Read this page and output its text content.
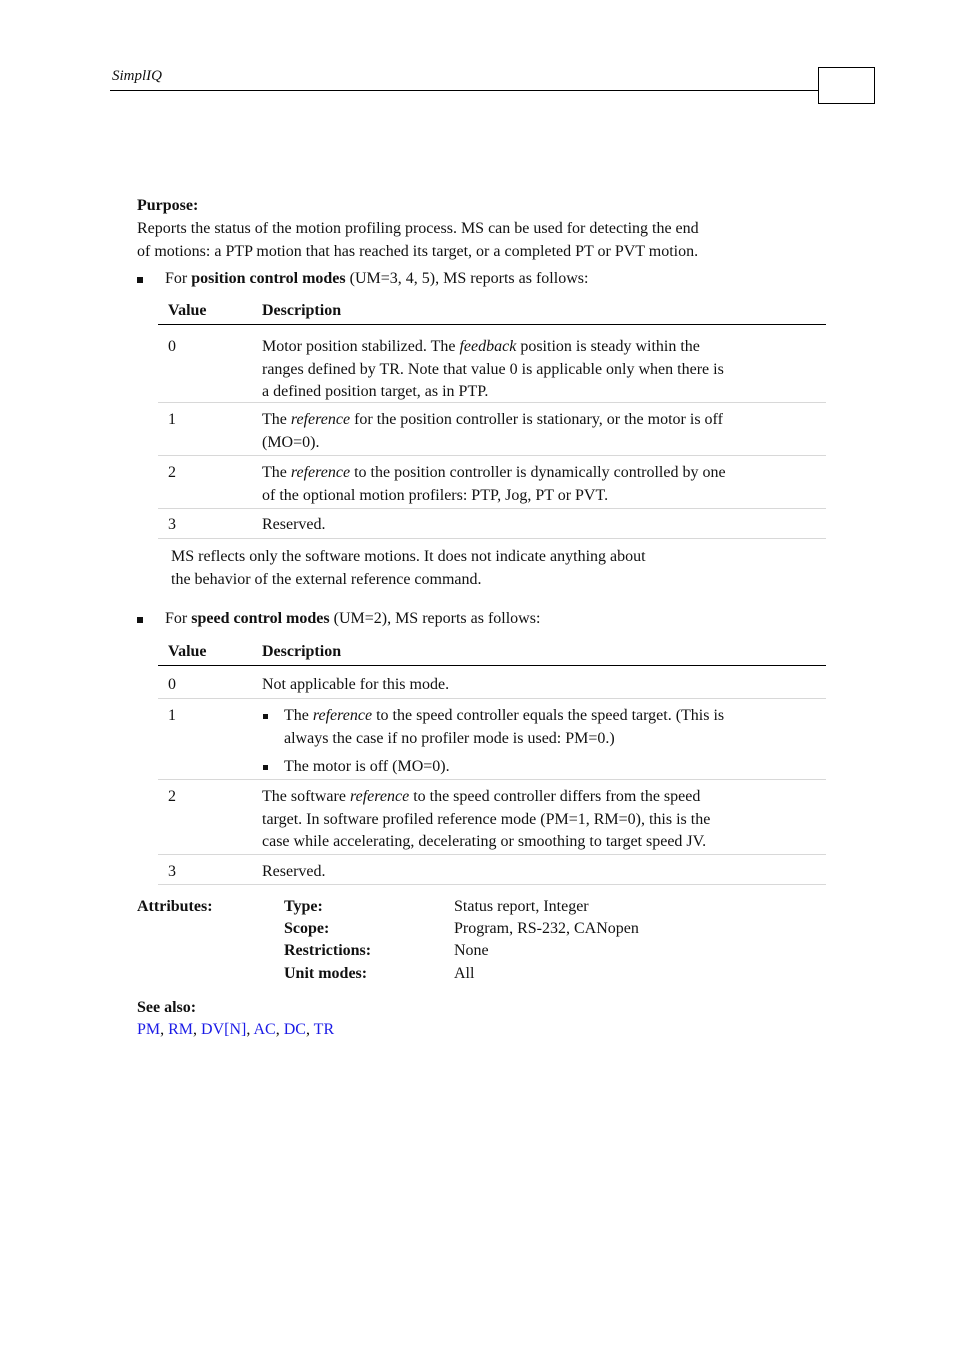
SimplIQ
Purpose:
Reports the status of the motion profiling process. MS can be used for detecting the end
of motions: a PTP motion that has reached its target, or a completed PT or PVT motion.
For position control modes (UM=3, 4, 5), MS reports as follows:
Value	Description
0	Motor position stabilized. The feedback position is steady within the
ranges defined by TR. Note that value 0 is applicable only when there is
a defined position target, as in PTP.
1	The reference for the position controller is stationary, or the motor is off
(MO=0).
2	The reference to the position controller is dynamically controlled by one
of the optional motion profilers: PTP, Jog, PT or PVT.
3	Reserved.
MS reflects only the software motions. It does not indicate anything about
the behavior of the external reference command.
For speed control modes (UM=2), MS reports as follows:
Value	Description
0	Not applicable for this mode.
1	The reference to the speed controller equals the speed target. (This is
always the case if no profiler mode is used: PM=0.)
The motor is off (MO=0).
2	The software reference to the speed controller differs from the speed
target. In software profiled reference mode (PM=1, RM=0), this is the
case while accelerating, decelerating or smoothing to target speed JV.
3	Reserved.
Attributes:	Type:	Status report, Integer
Scope:	Program, RS-232, CANopen
Restrictions:	None
Unit modes:	All
See also:
PM, RM, DV[N], AC, DC, TR
